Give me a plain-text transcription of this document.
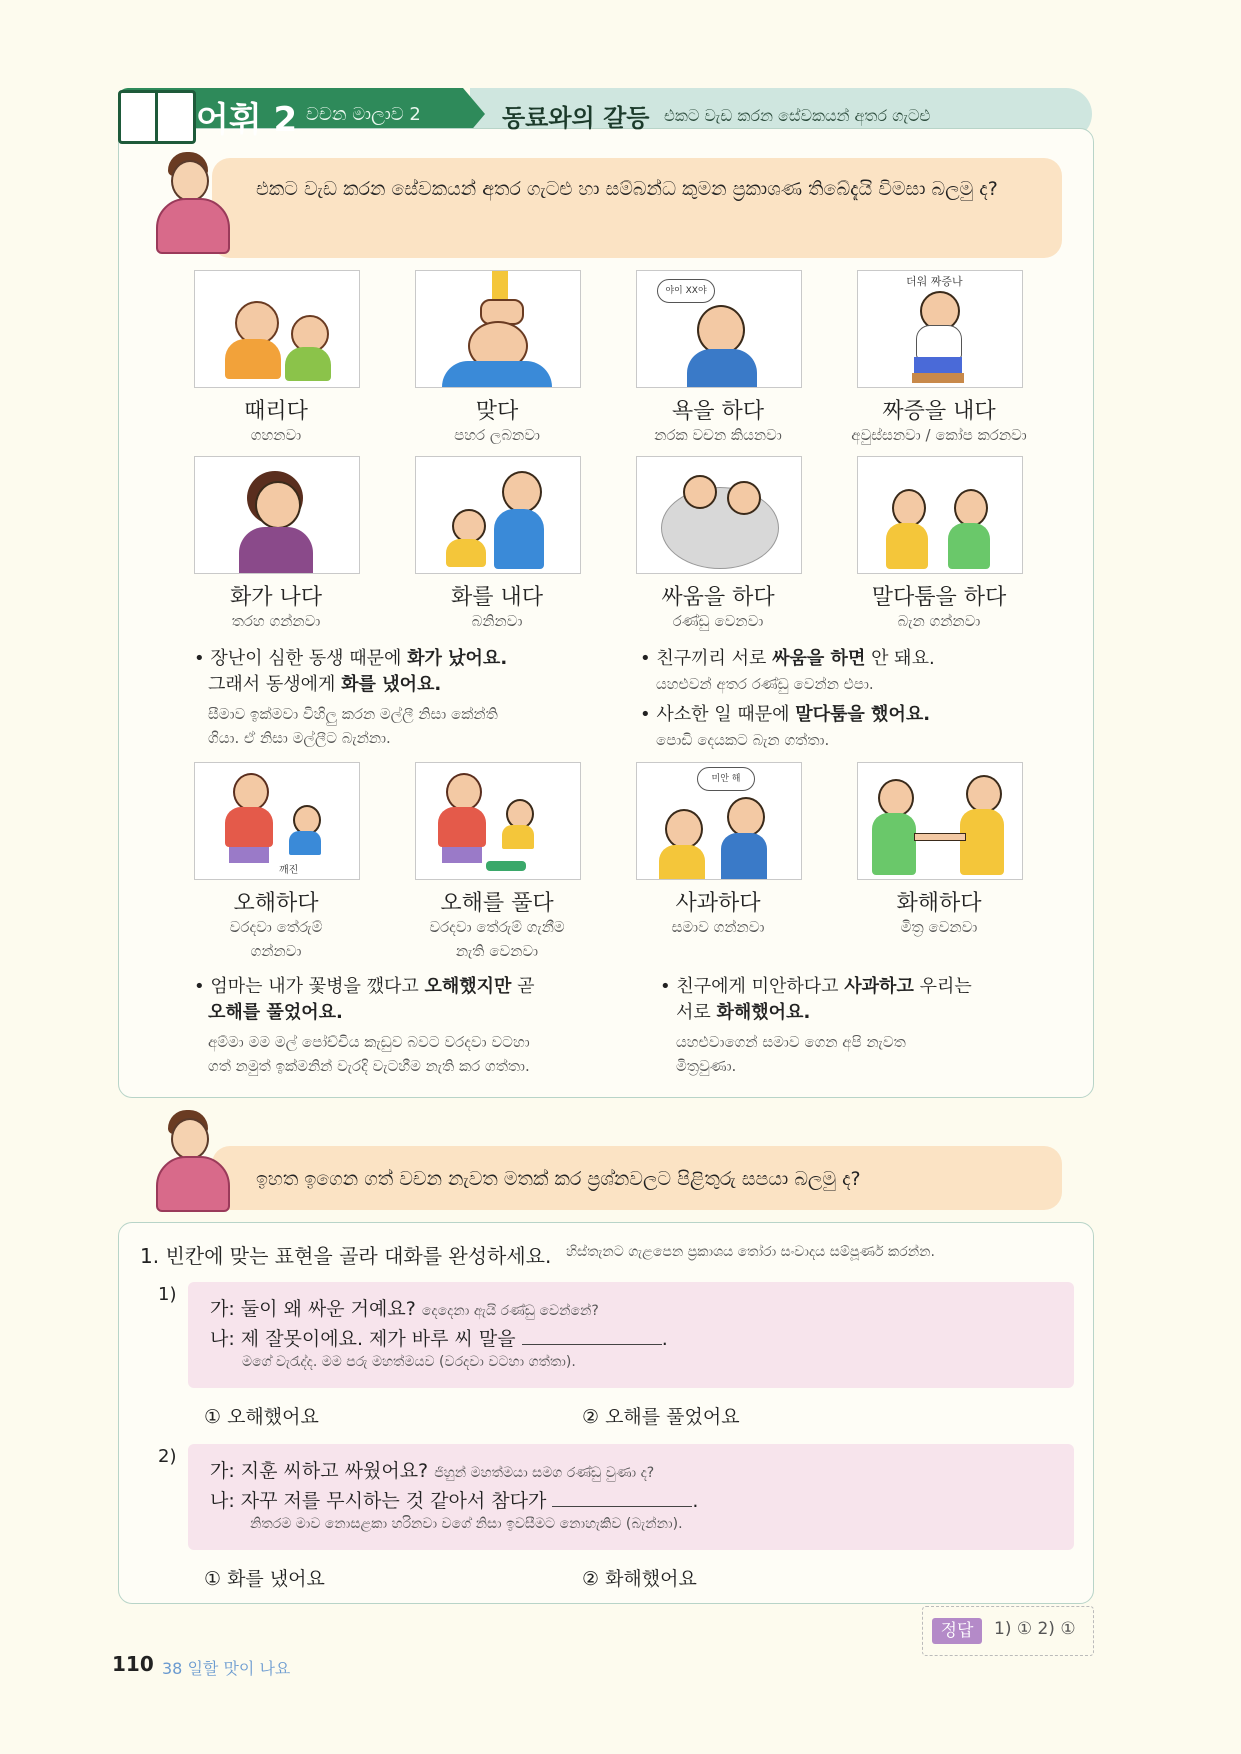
어휘 2 වචන මාලාව 2	동료와의 갈등 එකට වැඩ කරන සේවකයන් අතර ගැටළු
එකට වැඩ කරන සේවකයන් අතර ගැටළු හා සම්බන්ධ කුමන ප්‍රකාශණ තිබේදැයි විමසා බලමු ද?
야이 XX야
더워 짜증나
때리다
ගහනවා
맞다
පහර ලබනවා
욕을 하다
නරක වචන කියනවා
짜증을 내다
අවුස්සනවා / කෝප කරනවා
화가 나다
තරහ ගන්නවා
화를 내다
බනිනවා
싸움을 하다
රණ්ඩු වෙනවා
말다툼을 하다
බැන ගන්නවා
• 장난이 심한 동생 때문에 화가 났어요.
그래서 동생에게 화를 냈어요.
සීමාව ඉක්මවා විහිලු කරන මල්ලී නිසා කේන්ති
ගියා. ඒ නිසා මල්ලීට බැන්නා.
• 친구끼리 서로 싸움을 하면 안 돼요.
යහළුවන් අතර රණ්ඩු වෙන්න එපා.
• 사소한 일 때문에 말다툼을 했어요.
පොඩි දෙයකට බැන ගත්තා.
깨진
미안 해
오해하다
වරදවා තේරුම්
ගන්නවා
오해를 풀다
වරදවා තේරුම් ගැනීම
නැති වෙනවා
사과하다
සමාව ගන්නවා
화해하다
මිත්‍ර වෙනවා
• 엄마는 내가 꽃병을 깼다고 오해했지만 곧
오해를 풀었어요.
අම්මා මම මල් පෝච්චිය කැඩුව බවට වරදවා වටහා
ගත් නමුත් ඉක්මනින් වැරදි වැටහීම නැති කර ගත්තා.
• 친구에게 미안하다고 사과하고 우리는
서로 화해했어요.
යහළුවාගෙන් සමාව ගෙන අපි නැවත
මිත්‍රවුණා.
ඉහත ඉගෙන ගත් වචන නැවත මතක් කර ප්‍රශ්නවලට පිළිතුරු සපයා බලමු ද?
1. 빈칸에 맞는 표현을 골라 대화를 완성하세요. හිස්තැනට ගැළපෙන ප්‍රකාශය තෝරා සංවාදය සම්පූර්ණ කරන්න.
1)
가: 둘이 왜 싸운 거예요? දෙදෙනා ඇයි රණ්ඩු වෙන්නේ?
나: 제 잘못이에요. 제가 바루 씨 말을	.
මගේ වැරැද්ද. මම පරු මහත්මයව (වරදවා වටහා ගත්තා).
① 오해했어요	② 오해를 풀었어요
2)
가: 지훈 씨하고 싸웠어요? ජිහුන් මහත්මයා සමග රණ්ඩු වුණා ද?
나: 자꾸 저를 무시하는 것 같아서 참다가	.
නිතරම මාව නොසළකා හරිනවා වගේ නිසා ඉවසීමට නොහැකිව (බැන්නා).
① 화를 냈어요	② 화해했어요
정답	1) ① 2) ①
110 38 일할 맛이 나요
